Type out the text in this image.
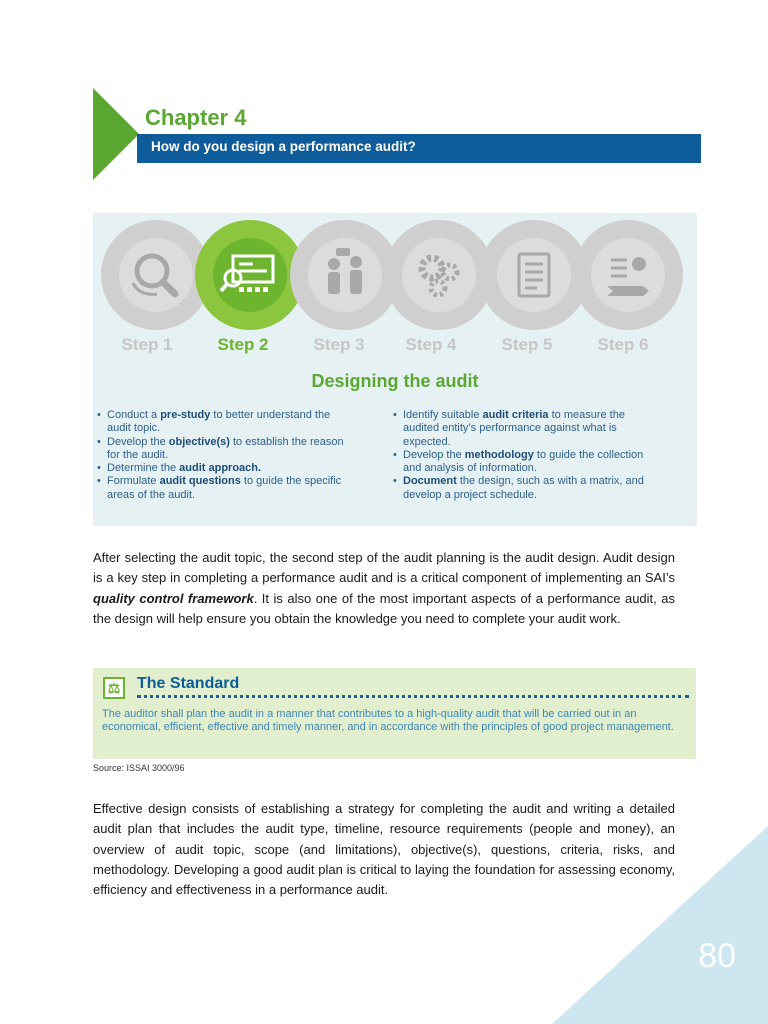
Chapter 4
How do you design a performance audit?
Step 1	Step 2	Step 3	Step 4	Step 5	Step 6
Designing the audit
• Conduct a pre-study to better understand the audit topic.
• Develop the objective(s) to establish the reason for the audit.
• Determine the audit approach.
• Formulate audit questions to guide the specific areas of the audit.
• Identify suitable audit criteria to measure the audited entity’s performance against what is expected.
• Develop the methodology to guide the collection and analysis of information.
• Document the design, such as with a matrix, and develop a project schedule.

After selecting the audit topic, the second step of the audit planning is the audit design. Audit design is a key step in completing a performance audit and is a critical component of implementing an SAI’s quality control framework. It is also one of the most important aspects of a performance audit, as the design will help ensure you obtain the knowledge you need to complete your audit work.

⚖ The Standard

The auditor shall plan the audit in a manner that contributes to a high-quality audit that will be carried out in an economical, efficient, effective and timely manner, and in accordance with the principles of good project management.

Source: ISSAI 3000/96

Effective design consists of establishing a strategy for completing the audit and writing a detailed audit plan that includes the audit type, timeline, resource requirements (people and money), an overview of audit topic, scope (and limitations), objective(s), questions, criteria, risks, and methodology. Developing a good audit plan is critical to laying the foundation for assessing economy, efficiency and effectiveness in a performance audit.

80
